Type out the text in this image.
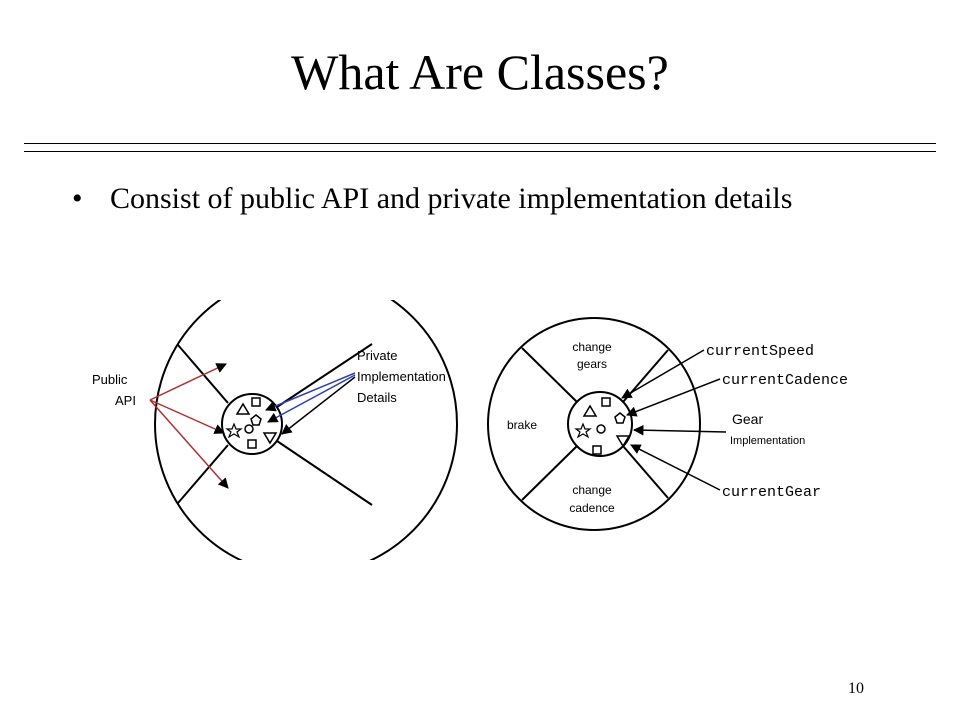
What Are Classes?
• Consist of public API and private implementation details
Public
API
Private
Implementation
Details
change
gears
brake
change
cadence
currentSpeed
currentCadence
Gear
Implementation
currentGear
10
